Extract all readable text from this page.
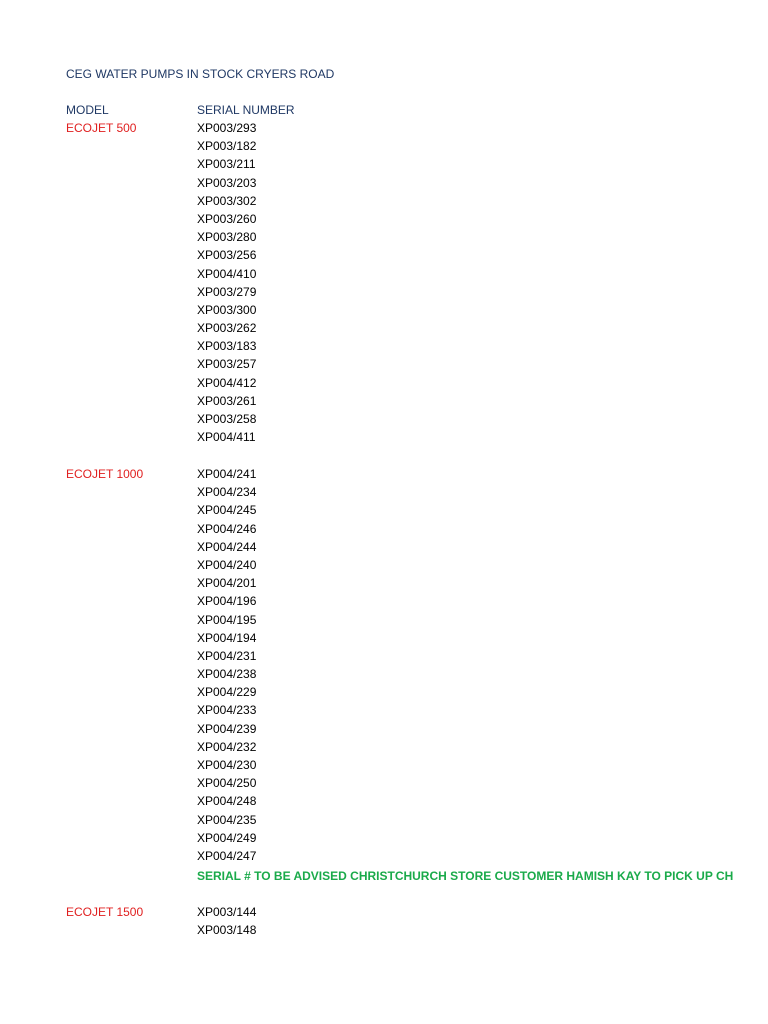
CEG WATER PUMPS IN STOCK CRYERS ROAD
MODEL	SERIAL NUMBER
ECOJET 500	XP003/293
XP003/182
XP003/211
XP003/203
XP003/302
XP003/260
XP003/280
XP003/256
XP004/410
XP003/279
XP003/300
XP003/262
XP003/183
XP003/257
XP004/412
XP003/261
XP003/258
XP004/411
ECOJET 1000	XP004/241
XP004/234
XP004/245
XP004/246
XP004/244
XP004/240
XP004/201
XP004/196
XP004/195
XP004/194
XP004/231
XP004/238
XP004/229
XP004/233
XP004/239
XP004/232
XP004/230
XP004/250
XP004/248
XP004/235
XP004/249
XP004/247
SERIAL # TO BE ADVISED CHRISTCHURCH STORE CUSTOMER HAMISH KAY TO PICK UP CH
ECOJET 1500	XP003/144
XP003/148
